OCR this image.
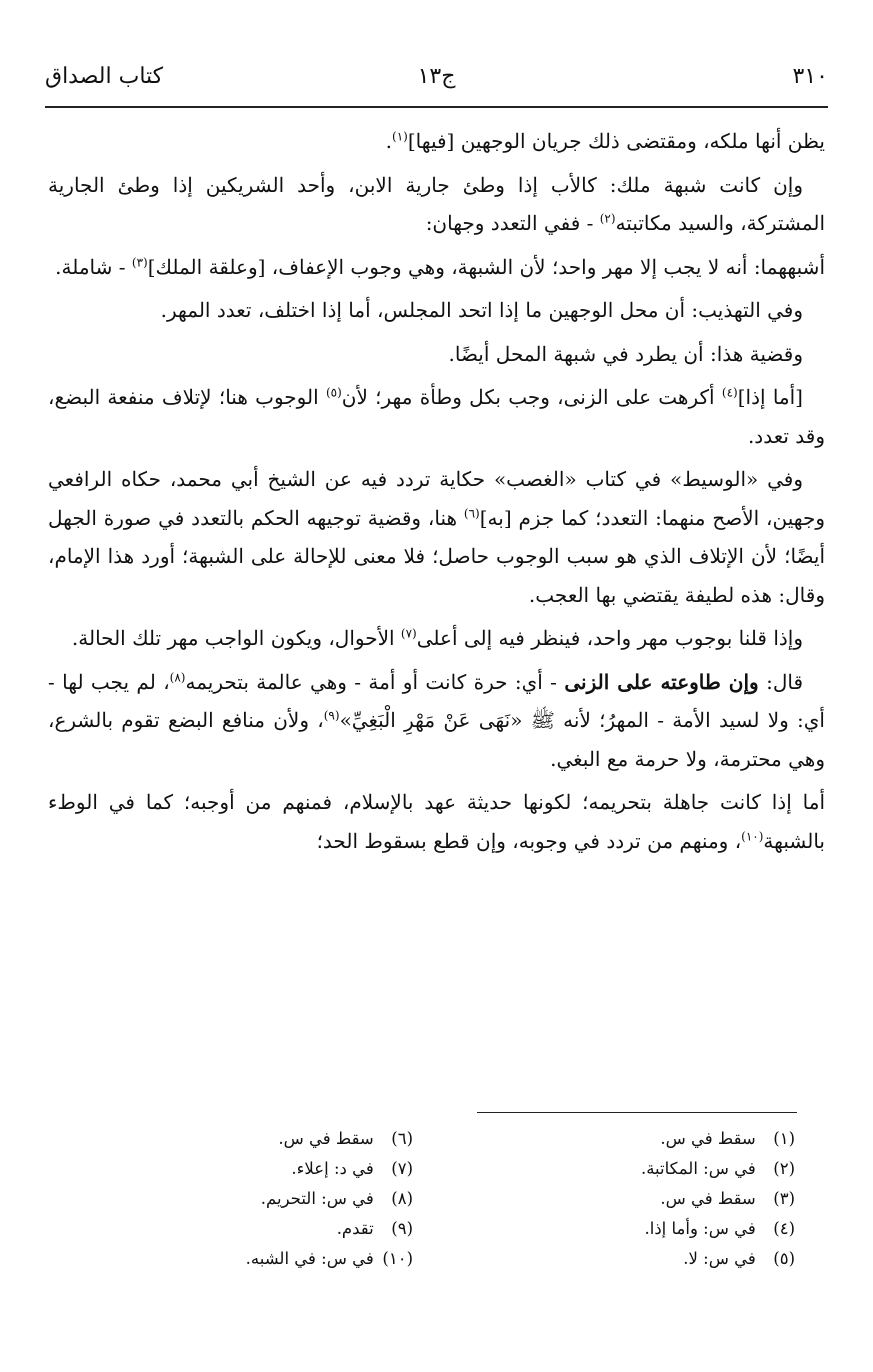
٣١٠
ج١٣
كتاب الصداق

يظن أنها ملكه، ومقتضى ذلك جريان الوجهين [فيها]$^{(١)}$.

وإن كانت شبهة ملك: كالأب إذا وطئ جارية الابن، وأحد الشريكين إذا وطئ الجارية المشتركة، والسيد مكاتبته$^{(٢)}$ - ففي التعدد وجهان:

أشبههما: أنه لا يجب إلا مهر واحد؛ لأن الشبهة، وهي وجوب الإعفاف، [وعلقة الملك]$^{(٣)}$ - شاملة.

وفي التهذيب: أن محل الوجهين ما إذا اتحد المجلس، أما إذا اختلف، تعدد المهر.

وقضية هذا: أن يطرد في شبهة المحل أيضًا.

[أما إذا]$^{(٤)}$ أكرهت على الزنى، وجب بكل وطأة مهر؛ لأن$^{(٥)}$ الوجوب هنا؛ لإتلاف منفعة البضع، وقد تعدد.

وفي «الوسيط» في كتاب «الغصب» حكاية تردد فيه عن الشيخ أبي محمد، حكاه الرافعي وجهين، الأصح منهما: التعدد؛ كما جزم [به]$^{(٦)}$ هنا، وقضية توجيهه الحكم بالتعدد في صورة الجهل أيضًا؛ لأن الإتلاف الذي هو سبب الوجوب حاصل؛ فلا معنى للإحالة على الشبهة؛ أورد هذا الإمام، وقال: هذه لطيفة يقتضي بها العجب.

وإذا قلنا بوجوب مهر واحد، فينظر فيه إلى أعلى$^{(٧)}$ الأحوال، ويكون الواجب مهر تلك الحالة.

قال: وإن طاوعته على الزنى - أي: حرة كانت أو أمة - وهي عالمة بتحريمه$^{(٨)}$، لم يجب لها - أي: ولا لسيد الأمة - المهرُ؛ لأنه ﷺ «نَهَى عَنْ مَهْرِ الْبَغِيِّ»$^{(٩)}$، ولأن منافع البضع تقوم بالشرع، وهي محترمة، ولا حرمة مع البغي.

أما إذا كانت جاهلة بتحريمه؛ لكونها حديثة عهد بالإسلام، فمنهم من أوجبه؛ كما في الوطء بالشبهة$^{(١٠)}$، ومنهم من تردد في وجوبه، وإن قطع بسقوط الحد؛

(١) سقط في س.
(٢) في س: المكاتبة.
(٣) سقط في س.
(٤) في س: وأما إذا.
(٥) في س: لا.
(٦) سقط في س.
(٧) في د: إعلاء.
(٨) في س: التحريم.
(٩) تقدم.
(١٠) في س: في الشبه.
